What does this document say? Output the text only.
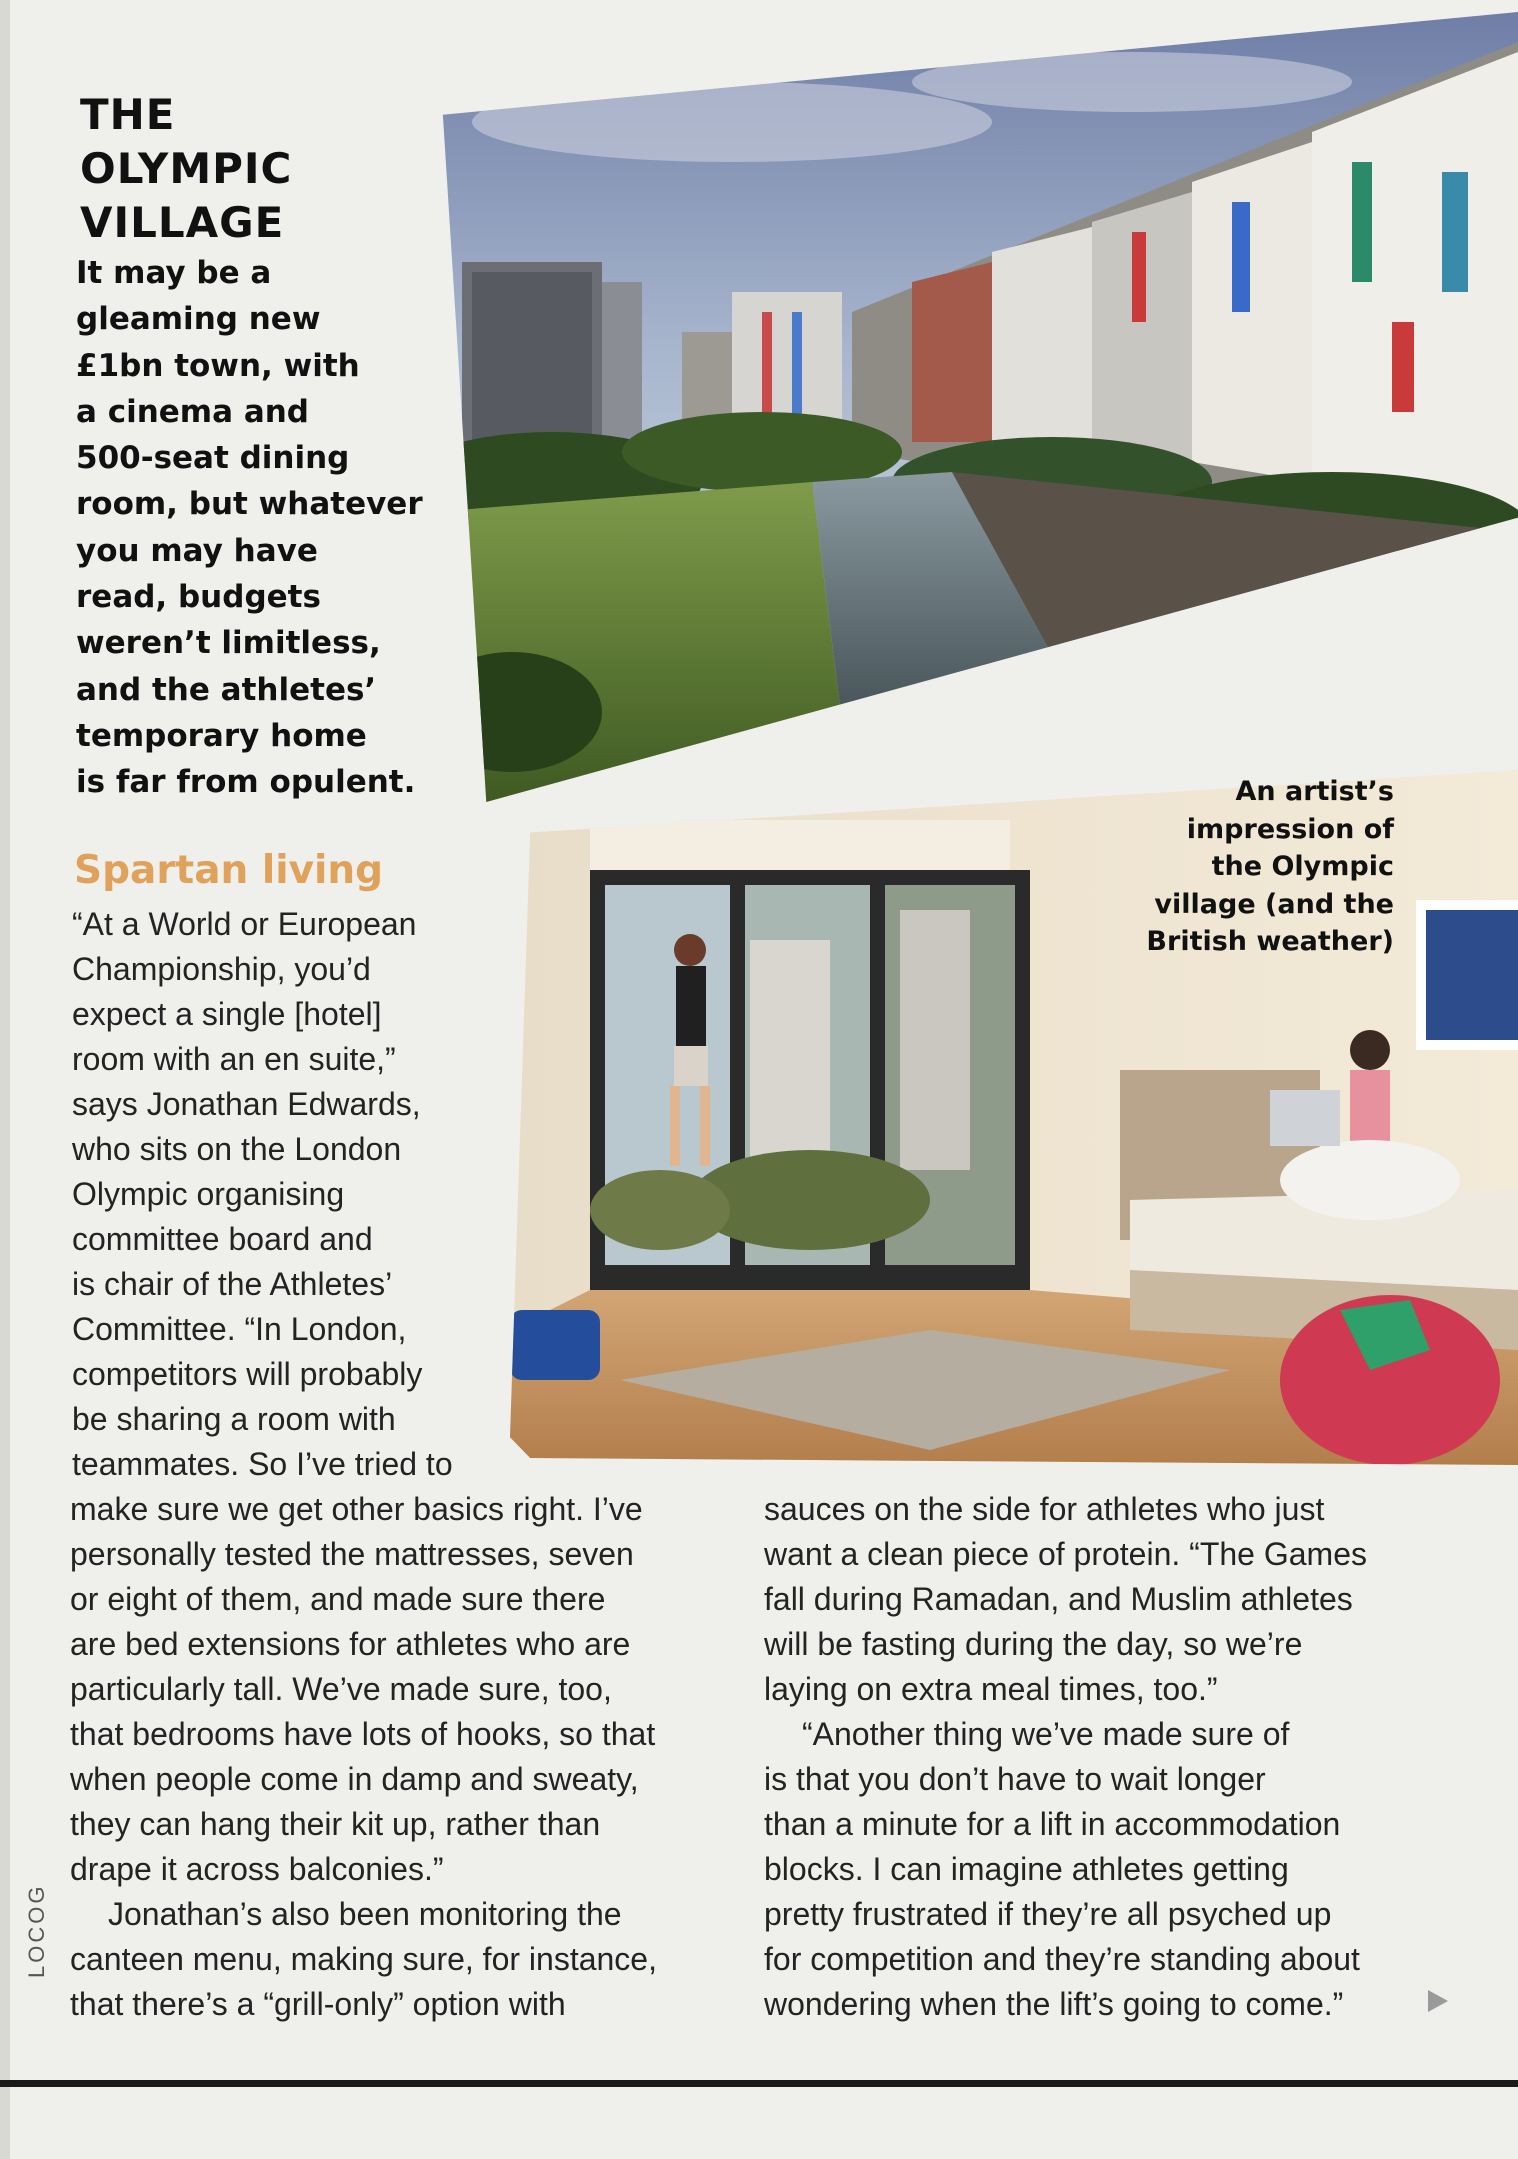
THE
OLYMPIC
VILLAGE

It may be a
gleaming new
£1bn town, with
a cinema and
500-seat dining
room, but whatever
you may have
read, budgets
weren’t limitless,
and the athletes’
temporary home
is far from opulent.

Spartan living

“At a World or European
Championship, you’d
expect a single [hotel]
room with an en suite,”
says Jonathan Edwards,
who sits on the London
Olympic organising
committee board and
is chair of the Athletes’
Committee. “In London,
competitors will probably
be sharing a room with
teammates. So I’ve tried to

An artist’s
impression of
the Olympic
village (and the
British weather)

make sure we get other basics right. I’ve
personally tested the mattresses, seven
or eight of them, and made sure there
are bed extensions for athletes who are
particularly tall. We’ve made sure, too,
that bedrooms have lots of hooks, so that
when people come in damp and sweaty,
they can hang their kit up, rather than
drape it across balconies.”
Jonathan’s also been monitoring the
canteen menu, making sure, for instance,
that there’s a “grill-only” option with

sauces on the side for athletes who just
want a clean piece of protein. “The Games
fall during Ramadan, and Muslim athletes
will be fasting during the day, so we’re
laying on extra meal times, too.”
“Another thing we’ve made sure of
is that you don’t have to wait longer
than a minute for a lift in accommodation
blocks. I can imagine athletes getting
pretty frustrated if they’re all psyched up
for competition and they’re standing about
wondering when the lift’s going to come.”

LOCOG
